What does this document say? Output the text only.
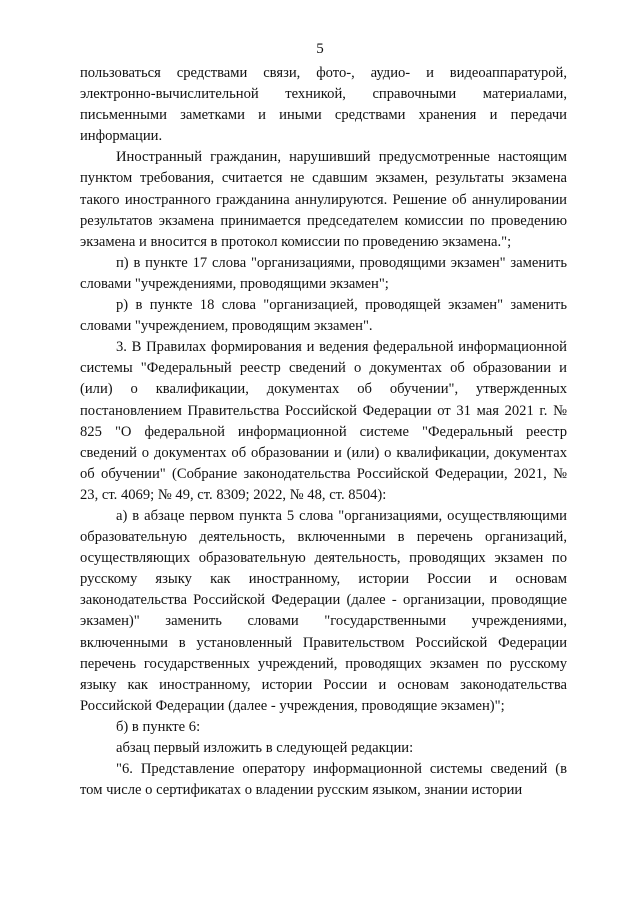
5

пользоваться средствами связи, фото-, аудио- и видеоаппаратурой, электронно-вычислительной техникой, справочными материалами, письменными заметками и иными средствами хранения и передачи информации.

Иностранный гражданин, нарушивший предусмотренные настоящим пунктом требования, считается не сдавшим экзамен, результаты экзамена такого иностранного гражданина аннулируются. Решение об аннулировании результатов экзамена принимается председателем комиссии по проведению экзамена и вносится в протокол комиссии по проведению экзамена.";

п) в пункте 17 слова "организациями, проводящими экзамен" заменить словами "учреждениями, проводящими экзамен";

р) в пункте 18 слова "организацией, проводящей экзамен" заменить словами "учреждением, проводящим экзамен".

3. В Правилах формирования и ведения федеральной информационной системы "Федеральный реестр сведений о документах об образовании и (или) о квалификации, документах об обучении", утвержденных постановлением Правительства Российской Федерации от 31 мая 2021 г. № 825 "О федеральной информационной системе "Федеральный реестр сведений о документах об образовании и (или) о квалификации, документах об обучении" (Собрание законодательства Российской Федерации, 2021, № 23, ст. 4069; № 49, ст. 8309; 2022, № 48, ст. 8504):

а) в абзаце первом пункта 5 слова "организациями, осуществляющими образовательную деятельность, включенными в перечень организаций, осуществляющих образовательную деятельность, проводящих экзамен по русскому языку как иностранному, истории России и основам законодательства Российской Федерации (далее - организации, проводящие экзамен)" заменить словами "государственными учреждениями, включенными в установленный Правительством Российской Федерации перечень государственных учреждений, проводящих экзамен по русскому языку как иностранному, истории России и основам законодательства Российской Федерации (далее - учреждения, проводящие экзамен)";

б) в пункте 6:

абзац первый изложить в следующей редакции:

"6. Представление оператору информационной системы сведений (в том числе о сертификатах о владении русским языком, знании истории
